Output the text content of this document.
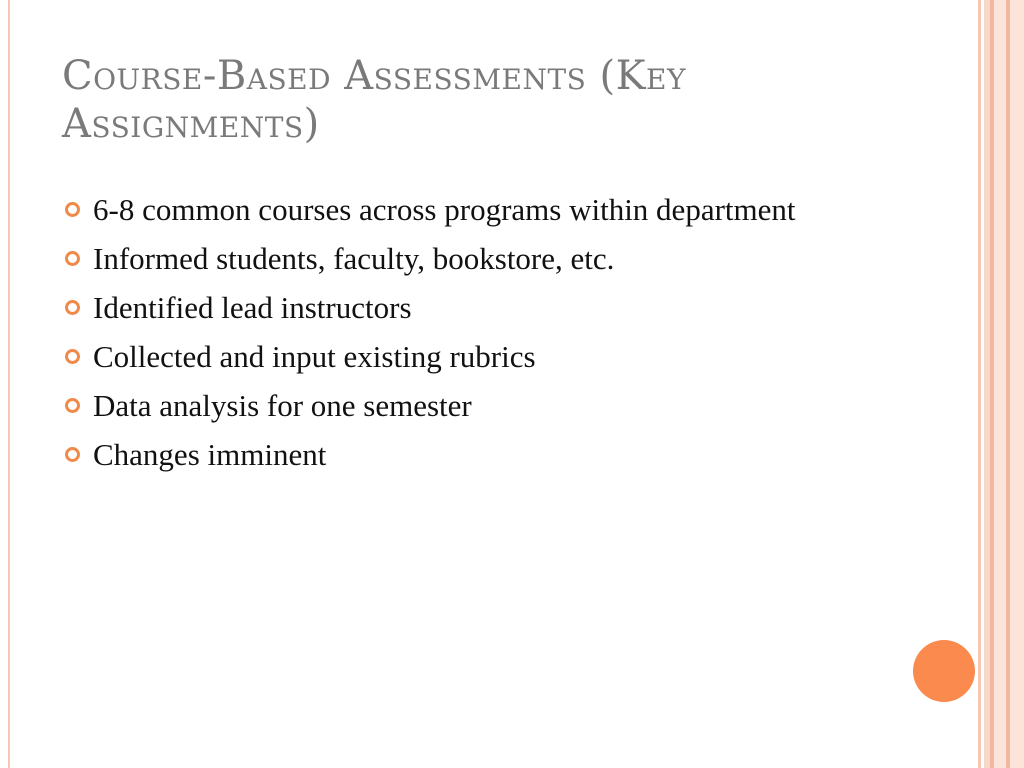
Course-Based Assessments (Key Assignments)
6-8 common courses across programs within department
Informed students, faculty, bookstore, etc.
Identified lead instructors
Collected and input existing rubrics
Data analysis for one semester
Changes imminent
